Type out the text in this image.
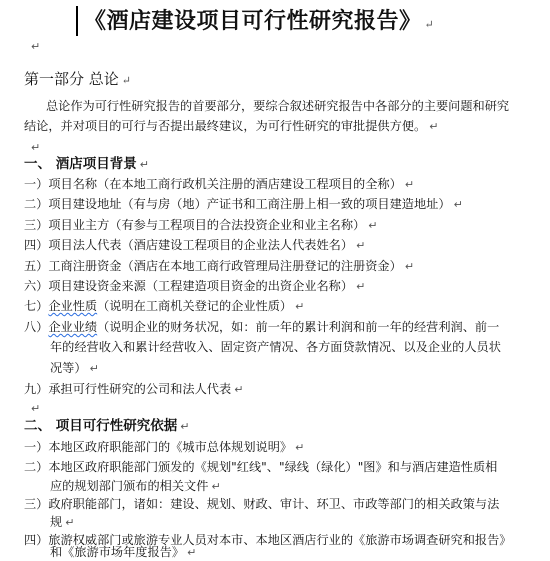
《酒店建设项目可行性研究报告》 ↵
↵
第一部分 总论 ↵
总论作为可行性研究报告的首要部分，要综合叙述研究报告中各部分的主要问题和研究
结论，并对项目的可行与否提出最终建议，为可行性研究的审批提供方便。 ↵
↵
一、 酒店项目背景 ↵
一）项目名称（在本地工商行政机关注册的酒店建设工程项目的全称） ↵
二）项目建设地址（有与房（地）产证书和工商注册上相一致的项目建造地址） ↵
三）项目业主方（有参与工程项目的合法投资企业和业主名称） ↵
四）项目法人代表（酒店建设工程项目的企业法人代表姓名） ↵
五）工商注册资金（酒店在本地工商行政管理局注册登记的注册资金） ↵
六）项目建设资金来源（工程建造项目资金的出资企业名称） ↵
七）企业性质（说明在工商机关登记的企业性质） ↵
八）企业业绩（说明企业的财务状况，如：前一年的累计利润和前一年的经营利润、前一
年的经营收入和累计经营收入、固定资产情况、各方面贷款情况、以及企业的人员状
况等） ↵
九）承担可行性研究的公司和法人代表 ↵
↵
二、 项目可行性研究依据 ↵
一）本地区政府职能部门的《城市总体规划说明》 ↵
二）本地区政府职能部门颁发的《规划"红线"、"绿线（绿化）"图》和与酒店建造性质相
应的规划部门颁布的相关文件 ↵
三）政府职能部门，诸如：建设、规划、财政、审计、环卫、市政等部门的相关政策与法
规 ↵
四）旅游权威部门或旅游专业人员对本市、本地区酒店行业的《旅游市场调查研究和报告》
和《旅游市场年度报告》 ↵
